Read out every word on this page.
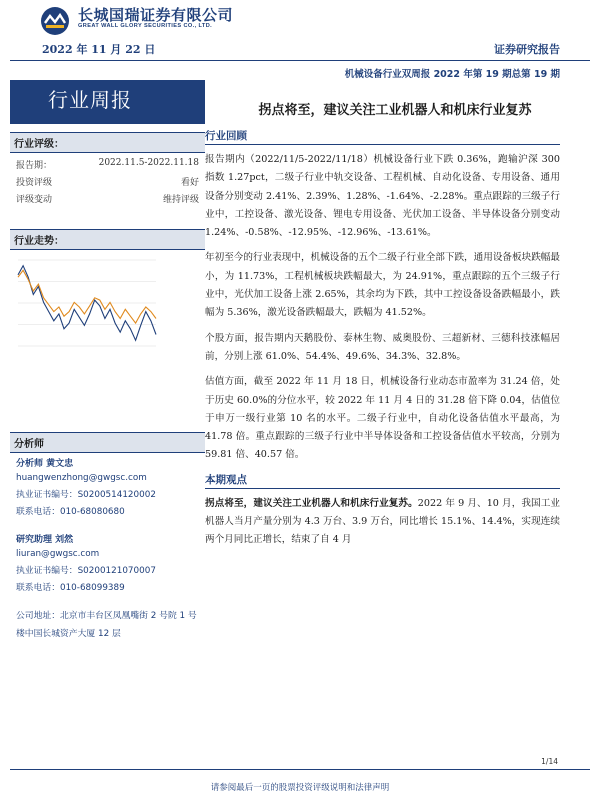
长城国瑞证券有限公司
GREAT WALL GLORY SECURITIES CO., LTD.
2022 年 11 月 22 日	证券研究报告
机械设备行业双周报 2022 年第 19 期总第 19 期
行业周报
行业评级：
报告期：	2022.11.5-2022.11.18
投资评级	看好
评级变动	维持评级
行业走势：
分析师
分析师 黄文忠
huangwenzhong@gwgsc.com
执业证书编号：S0200514120002
联系电话：010-68080680
研究助理 刘然
liuran@gwgsc.com
执业证书编号：S0200121070007
联系电话：010-68099389
公司地址：北京市丰台区凤凰嘴街 2 号院 1 号楼中国长城资产大厦 12 层
拐点将至，建议关注工业机器人和机床行业复苏
行业回顾

报告期内（2022/11/5-2022/11/18）机械设备行业下跌 0.36%，跑输沪深 300 指数 1.27pct，二级子行业中轨交设备、工程机械、自动化设备、专用设备、通用设备分别变动 2.41%、2.39%、1.28%、-1.64%、-2.28%。重点跟踪的三级子行业中，工控设备、激光设备、锂电专用设备、光伏加工设备、半导体设备分别变动 1.24%、-0.58%、-12.95%、-12.96%、-13.61%。

年初至今的行业表现中，机械设备的五个二级子行业全部下跌，通用设备板块跌幅最小，为 11.73%，工程机械板块跌幅最大，为 24.91%，重点跟踪的五个三级子行业中，光伏加工设备上涨 2.65%，其余均为下跌，其中工控设备设备跌幅最小，跌幅为 5.36%，激光设备跌幅最大，跌幅为 41.52%。

个股方面，报告期内天鹅股份、泰林生物、威奥股份、三超新材、三德科技涨幅居前，分别上涨 61.0%、54.4%、49.6%、34.3%、32.8%。

估值方面，截至 2022 年 11 月 18 日，机械设备行业动态市盈率为 31.24 倍，处于历史 60.0%的分位水平，较 2022 年 11 月 4 日的 31.28 倍下降 0.04，估值位于申万一级行业第 10 名的水平。二级子行业中，自动化设备估值水平最高，为 41.78 倍。重点跟踪的三级子行业中半导体设备和工控设备估值水平较高，分别为 59.81 倍、40.57 倍。

本期观点

拐点将至，建议关注工业机器人和机床行业复苏。2022 年 9 月、10 月，我国工业机器人当月产量分别为 4.3 万台、3.9 万台，同比增长 15.1%、14.4%，实现连续两个月同比正增长，结束了自 4 月

1/14
请参阅最后一页的股票投资评级说明和法律声明
